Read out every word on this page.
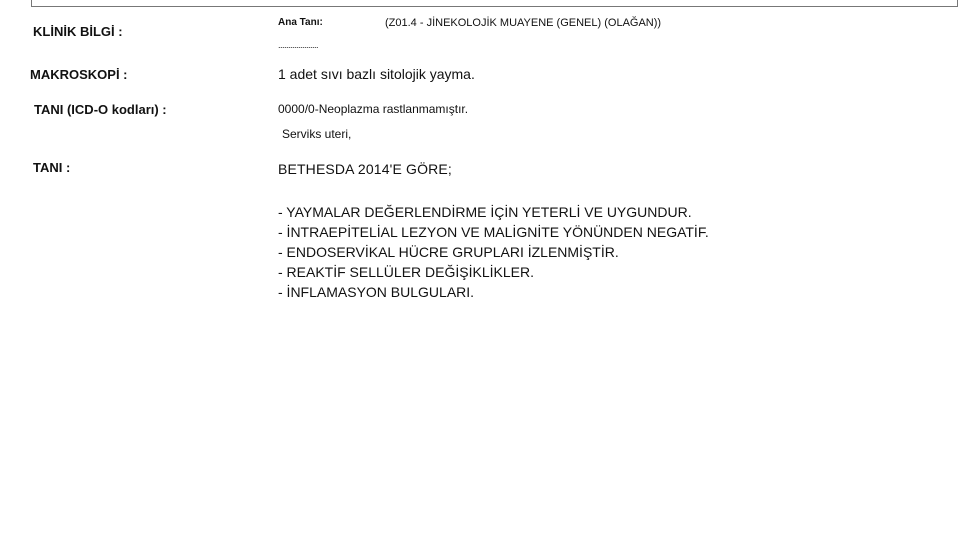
KLİNİK BİLGİ :
Ana Tanı:	(Z01.4 - JİNEKOLOJİK MUAYENE (GENEL) (OLAĞAN))
....................
MAKROSKOPİ :	1 adet sıvı bazlı sitolojik yayma.
TANI (ICD-O kodları) :	0000/0-Neoplazma rastlanmamıştır.
Serviks uteri,
TANI :	BETHESDA 2014'E GÖRE;
- YAYMALAR DEĞERLENDİRME İÇİN YETERLİ VE UYGUNDUR.
- İNTRAEPİTELİAL LEZYON VE MALİGNİTE YÖNÜNDEN NEGATİF.
- ENDOSERVİKAL HÜCRE GRUPLARI İZLENMİŞTİR.
- REAKTİF SELLÜLER DEĞİŞİKLİKLER.
- İNFLAMASYON BULGULARI.
